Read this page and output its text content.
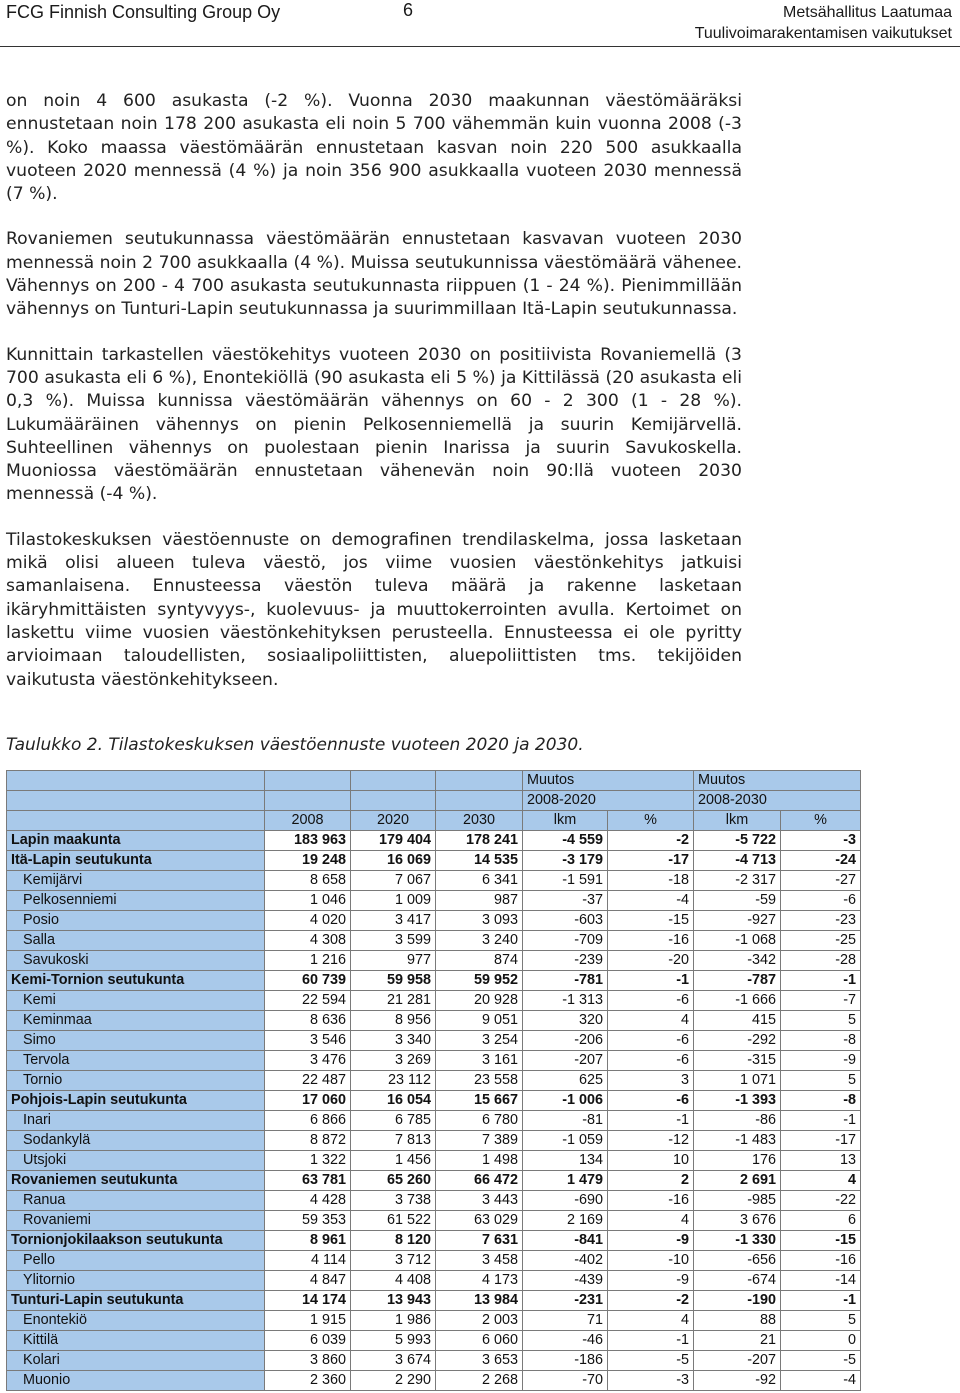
FCG Finnish Consulting Group Oy	6	Metsähallitus Laatumaa
Tuulivoimarakentamisen vaikutukset

on noin 4 600 asukasta (-2 %). Vuonna 2030 maakunnan väestömääräksi ennustetaan noin 178 200 asukasta eli noin 5 700 vähemmän kuin vuonna 2008 (-3 %). Koko maassa väestömäärän ennustetaan kasvan noin 220 500 asukkaalla vuoteen 2020 mennessä (4 %) ja noin 356 900 asukkaalla vuoteen 2030 mennessä (7 %).

Rovaniemen seutukunnassa väestömäärän ennustetaan kasvavan vuoteen 2030 mennessä noin 2 700 asukkaalla (4 %). Muissa seutukunnissa väestömäärä vähenee. Vähennys on 200 - 4 700 asukasta seutukunnasta riippuen (1 - 24 %). Pienimmillään vähennys on Tunturi-Lapin seutukunnassa ja suurimmillaan Itä-Lapin seutukunnassa.

Kunnittain tarkastellen väestökehitys vuoteen 2030 on positiivista Rovaniemellä (3 700 asukasta eli 6 %), Enontekiöllä (90 asukasta eli 5 %) ja Kittilässä (20 asukasta eli 0,3 %). Muissa kunnissa väestömäärän vähennys on 60 - 2 300 (1 - 28 %). Lukumääräinen vähennys on pienin Pelkosenniemellä ja suurin Kemijärvellä. Suhteellinen vähennys on puolestaan pienin Inarissa ja suurin Savukoskella. Muoniossa väestömäärän ennustetaan vähenevän noin 90:llä vuoteen 2030 mennessä (-4 %).

Tilastokeskuksen väestöennuste on demografinen trendilaskelma, jossa lasketaan mikä olisi alueen tuleva väestö, jos viime vuosien väestönkehitys jatkuisi samanlaisena. Ennusteessa väestön tuleva määrä ja rakenne lasketaan ikäryhmittäisten syntyvyys-, kuolevuus- ja muuttokerrointen avulla. Kertoimet on laskettu viime vuosien väestönkehityksen perusteella. Ennusteessa ei ole pyritty arvioimaan taloudellisten, sosiaalipoliittisten, aluepoliittisten tms. tekijöiden vaikutusta väestönkehitykseen.

Taulukko 2. Tilastokeskuksen väestöennuste vuoteen 2020 ja 2030.
				Muutos		Muutos	
				2008-2020		2008-2030	
	2008	2020	2030	lkm	%	lkm	%
Lapin maakunta	183 963	179 404	178 241	-4 559	-2	-5 722	-3
Itä-Lapin seutukunta	19 248	16 069	14 535	-3 179	-17	-4 713	-24
Kemijärvi	8 658	7 067	6 341	-1 591	-18	-2 317	-27
Pelkosenniemi	1 046	1 009	987	-37	-4	-59	-6
Posio	4 020	3 417	3 093	-603	-15	-927	-23
Salla	4 308	3 599	3 240	-709	-16	-1 068	-25
Savukoski	1 216	977	874	-239	-20	-342	-28
Kemi-Tornion seutukunta	60 739	59 958	59 952	-781	-1	-787	-1
Kemi	22 594	21 281	20 928	-1 313	-6	-1 666	-7
Keminmaa	8 636	8 956	9 051	320	4	415	5
Simo	3 546	3 340	3 254	-206	-6	-292	-8
Tervola	3 476	3 269	3 161	-207	-6	-315	-9
Tornio	22 487	23 112	23 558	625	3	1 071	5
Pohjois-Lapin seutukunta	17 060	16 054	15 667	-1 006	-6	-1 393	-8
Inari	6 866	6 785	6 780	-81	-1	-86	-1
Sodankylä	8 872	7 813	7 389	-1 059	-12	-1 483	-17
Utsjoki	1 322	1 456	1 498	134	10	176	13
Rovaniemen seutukunta	63 781	65 260	66 472	1 479	2	2 691	4
Ranua	4 428	3 738	3 443	-690	-16	-985	-22
Rovaniemi	59 353	61 522	63 029	2 169	4	3 676	6
Tornionjokilaakson seutukunta	8 961	8 120	7 631	-841	-9	-1 330	-15
Pello	4 114	3 712	3 458	-402	-10	-656	-16
Ylitornio	4 847	4 408	4 173	-439	-9	-674	-14
Tunturi-Lapin seutukunta	14 174	13 943	13 984	-231	-2	-190	-1
Enontekiö	1 915	1 986	2 003	71	4	88	5
Kittilä	6 039	5 993	6 060	-46	-1	21	0
Kolari	3 860	3 674	3 653	-186	-5	-207	-5
Muonio	2 360	2 290	2 268	-70	-3	-92	-4
